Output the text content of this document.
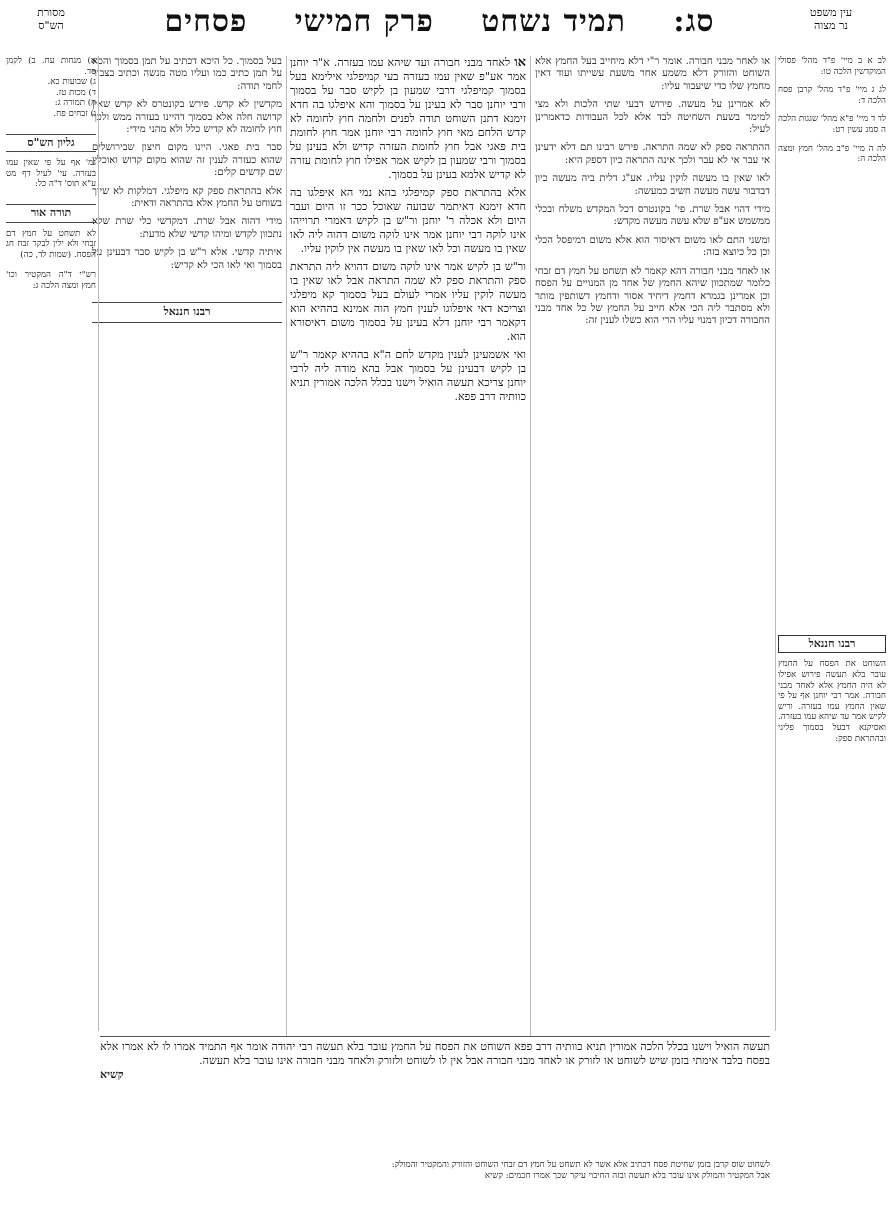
עין משפט
נר מצוה
סג: תמיד נשחט פרק חמישי פסחים
מסורת
הש"ס
לב א ב מיי' פ"ד מהל' פסולי המוקדשין הלכה טו:
לג ג מיי' פ"ד מהל' קרבן פסח הלכה ד:
לד ד מיי' פ"א מהל' שגגות הלכה ה סמג עשין רט:
לה ה מיי' פ"ב מהל' חמץ ומצה הלכה ה:
רבנו חננאל
השוחט את הפסח על החמץ עובר בלא תעשה פירוש אפילו לא היה החמץ אלא לאחד מבני חבורה. אמר רבי יוחנן אף על פי שאין החמץ עמו בעזרה. וריש לקיש אמר עד שיהא עמו בעזרה. ואסיקנא דבעל בסמוך פליגי ובהתראת ספק:

או לאחר מבני חבורה. אומר ר"י דלא מיחייב בעל החמץ אלא השוחט והזורק דלא משמע אחר משעת עשייתו ועוד דאין מחמץ שלו כדי שיעבור עליו:

לא אמרינן על מעשה. פירוש דבעי שתי הלכות ולא מצי למימר בשעת השחיטה לבד אלא לכל העבודות כדאמרינן לעיל:

ההתראה ספק לא שמה התראה. פירש רבינו תם דלא ידעינן אי עבר אי לא עבר ולכך אינה התראה כיון דספק היא:

לאו שאין בו מעשה לוקין עליו. אע"ג דלית ביה מעשה כיון דבדבור עשה מעשה חשיב כמעשה:

מידי דהוי אבל שרת. פי' בקונטרס דכל המקדש משלח ובכלי ממשמש אע"פ שלא עשה מעשה מקדש:

ומשני התם לאו משום דאיסור הוא אלא משום דמיפסל הכלי וכן כל כיוצא בזה:

או לאחד מבני חבורה דהא קאמר לא תשחט על חמץ דם זבחי כלומר שמתכוון שיהא החמץ של אחד מן המנויים על הפסח וכן אמרינן בגמרא דחמץ דיחיד אסור ודחמץ דשותפין מותר ולא מסתבר ליה הכי אלא חייב על החמץ של כל אחד מבני החבורה דכיון דמנוי עליו הרי הוא כשלו לענין זה:

או לאחד מבני חבורה ועד שיהא עמו בעזרה. א"ר יוחנן אמר אע"פ שאין עמו בעזרה בעי קמיפלגי אילימא בעל בסמוך קמיפלגי דרבי שמעון בן לקיש סבר על בסמוך ורבי יוחנן סבר לא בעינן על בסמוך והא איפלגו בה חדא זימנא דתנן השוחט תודה לפנים ולחמה חוץ לחומה לא קדש הלחם מאי חוץ לחומה רבי יוחנן אמר חוץ לחומת בית פאגי אבל חוץ לחומת העזרה קדיש ולא בעינן על בסמוך ורבי שמעון בן לקיש אמר אפילו חוץ לחומת עזרה לא קדיש אלמא בעינן על בסמוך.

אלא בהתראת ספק קמיפלגי בהא נמי הא איפלגו בה חדא זימנא דאיתמר שבועה שאוכל ככר זו היום ועבר היום ולא אכלה ר' יוחנן ור"ש בן לקיש דאמרי תרוייהו אינו לוקה רבי יוחנן אמר אינו לוקה משום דהוה ליה לאו שאין בו מעשה וכל לאו שאין בו מעשה אין לוקין עליו.

ור"ש בן לקיש אמר אינו לוקה משום דהויא ליה התראת ספק והתראת ספק לא שמה התראה אבל לאו שאין בו מעשה לוקין עליו אמרי לעולם בעל בסמוך קא מיפלגי וצריכא דאי איפלוגו לענין חמץ הוה אמינא בההיא הוא דקאמר רבי יוחנן דלא בעינן על בסמוך משום דאיסורא הוא.

ואי אשמעינן לענין מקדש לחם ה"א בההיא קאמר ר"ש בן לקיש דבעינן על בסמוך אבל בהא מודה ליה לרבי יוחנן צריכא תעשה הואיל וישנו בכלל הלכה אמורין תניא כוותיה דרב פפא.

בעל בסמוך. כל היכא דכתיב על תמן בסמוך והכא על תמן כתיב כמו ועליו מטה מנשה וכתיב בצבור לחמי תודה:

מקדשין לא קדש. פירש בקונטרס לא קדש שאין קדושה חלה אלא בסמוך דהיינו בעזרה ממש ולכך חוץ לחומה לא קדיש כלל ולא מהני מידי:

סבר בית פאגי. היינו מקום חיצון שבירושלים שהוא כעזרה לענין זה שהוא מקום קדוש ואוכלין שם קדשים קלים:

אלא בהתראת ספק קא מיפלגי. דמלקות לא שייך בשוחט על החמץ אלא בהתראה ודאית:

מידי דהוה אבל שרת. דמקדשי כלי שרת שלא נתכוון לקדש ומיהו קדשי שלא מדעת:

איתיה קדשי. אלא ר"ש בן לקיש סבר דבעינן על בסמוך ואי לאו הכי לא קדיש:

רבנו חננאל
א) מנחות עח. ב) לקמן סד.
ג) שבועות כא.
ד) מכות טז.
ה) תמורה ג:
ו) זבחים פח.
גליון הש"ס
גמ' אף על פי שאין עמו בעזרה. עי' לעיל דף מט ע"א תוס' ד"ה כל:
תורה אור
לא תשחט על חמץ דם זבחי ולא ילין לבקר זבח חג הפסח. (שמות לד, כה)
רש"י ד"ה המקטיר וכו' חמץ ומצה הלכה ג:
תעשה הואיל וישנו בכלל הלכה אמורין תניא כוותיה דרב פפא השוחט את הפסח על החמץ עובר בלא תעשה רבי יהודה אומר אף התמיד אמרו לו לא אמרו אלא בפסח בלבד אימתי בזמן שיש לשוחט או לזורק או לאחד מבני חבורה אבל אין לו לשוחט ולזורק ולאחד מבני חבורה אינו עובר בלא תעשה.
קשיא
לשחוט שוס קרבן בזמן שחיטת פסח דכתיב אלא אשר לא תשחט על חמץ דם זבחי השוחט והזורק והמקטיר והמולק:
אבל המקטיר והמולק אינו עובר בלא תעשה ובזה החיבוי עיקר שכך אמרו חכמים: קשיא
